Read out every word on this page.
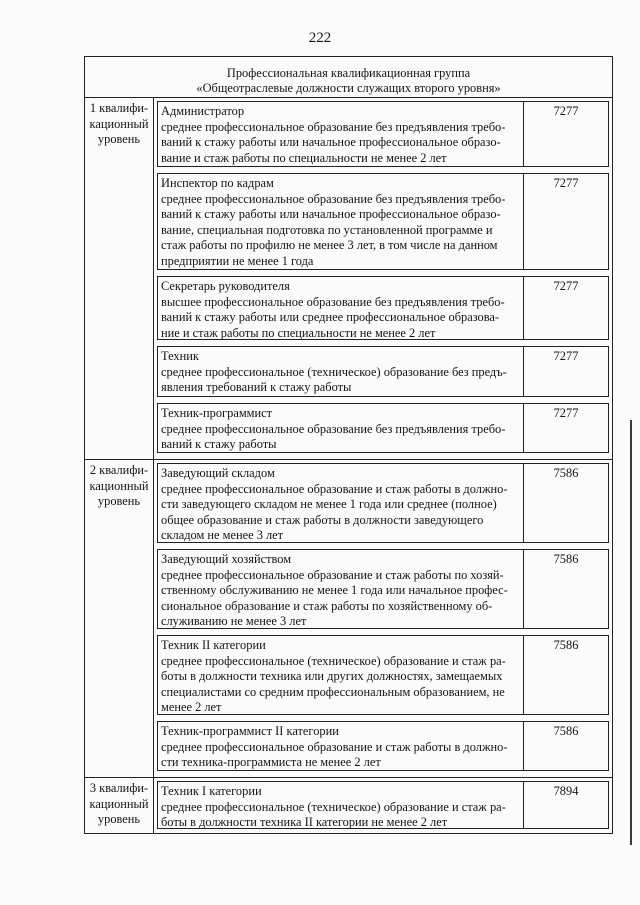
222
Профессиональная квалификационная группа
«Общеотраслевые должности служащих второго уровня»
1 квалифи-
кационный
уровень
Администратор
среднее профессиональное образование без предъявления требо-
ваний к стажу работы или начальное профессиональное образо-
вание и стаж работы по специальности не менее 2 лет
7277
Инспектор по кадрам
среднее профессиональное образование без предъявления требо-
ваний к стажу работы или начальное профессиональное образо-
вание, специальная подготовка по установленной программе и
стаж работы по профилю не менее 3 лет, в том числе на данном
предприятии не менее 1 года
7277
Секретарь руководителя
высшее профессиональное образование без предъявления требо-
ваний к стажу работы или среднее профессиональное образова-
ние и стаж работы по специальности не менее 2 лет
7277
Техник
среднее профессиональное (техническое) образование без предъ-
явления требований к стажу работы
7277
Техник-программист
среднее профессиональное образование без предъявления требо-
ваний к стажу работы
7277
2 квалифи-
кационный
уровень
Заведующий складом
среднее профессиональное образование и стаж работы в должно-
сти заведующего складом не менее 1 года или среднее (полное)
общее образование и стаж работы в должности заведующего
складом не менее 3 лет
7586
Заведующий хозяйством
среднее профессиональное образование и стаж работы по хозяй-
ственному обслуживанию не менее 1 года или начальное профес-
сиональное образование и стаж работы по хозяйственному об-
служиванию не менее 3 лет
7586
Техник II категории
среднее профессиональное (техническое) образование и стаж ра-
боты в должности техника или других должностях, замещаемых
специалистами со средним профессиональным образованием, не
менее 2 лет
7586
Техник-программист II категории
среднее профессиональное образование и стаж работы в должно-
сти техника-программиста не менее 2 лет
7586
3 квалифи-
кационный
уровень
Техник I категории
среднее профессиональное (техническое) образование и стаж ра-
боты в должности техника II категории не менее 2 лет
7894
